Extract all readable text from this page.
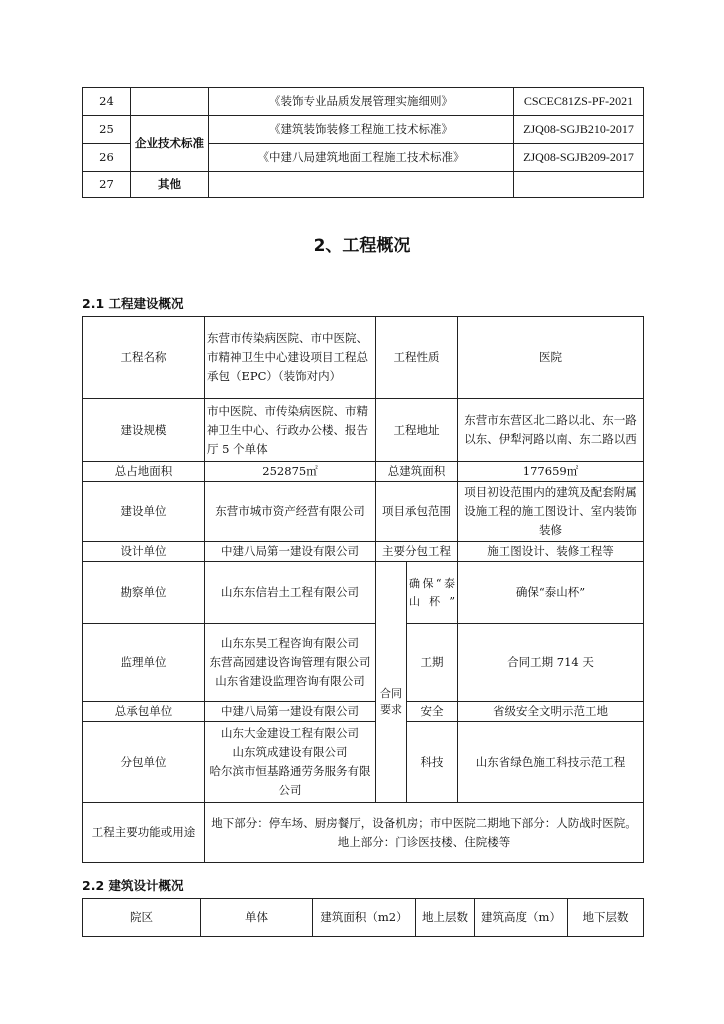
24		《装饰专业品质发展管理实施细则》	CSCEC81ZS-PF-2021
25	企业技术标准	《建筑装饰装修工程施工技术标准》	ZJQ08-SGJB210-2017
26		《中建八局建筑地面工程施工技术标准》	ZJQ08-SGJB209-2017
27	其他		
2、工程概况
2.1 工程建设概况
工程名称	东营市传染病医院、市中医院、市精神卫生中心建设项目工程总承包（EPC）（装饰对内）	工程性质		医院
建设规模	市中医院、市传染病医院、市精神卫生中心、行政办公楼、报告厅 5 个单体	工程地址		东营市东营区北二路以北、东一路以东、伊犁河路以南、东二路以西
总占地面积	252875㎡	总建筑面积		177659㎡
建设单位	东营市城市资产经营有限公司	项目承包范围		项目初设范围内的建筑及配套附属设施工程的施工图设计、室内装饰装修
设计单位	中建八局第一建设有限公司	主要分包工程		施工图设计、装修工程等
勘察单位	山东东信岩土工程有限公司	合同要求	确保“泰山杯”	确保“泰山杯”
监理单位	山东东昊工程咨询有限公司
东营高园建设咨询管理有限公司
山东省建设监理咨询有限公司		工期	合同工期 714 天
总承包单位	中建八局第一建设有限公司		安全	省级安全文明示范工地
分包单位	山东大金建设工程有限公司
山东筑成建设有限公司
哈尔滨市恒基路通劳务服务有限公司		科技	山东省绿色施工科技示范工程
工程主要功能或用途	地下部分：停车场、厨房餐厅，设备机房；市中医院二期地下部分：人防战时医院。
地上部分：门诊医技楼、住院楼等			
2.2 建筑设计概况
院区	单体	建筑面积（m2）	地上层数	建筑高度（m）	地下层数
